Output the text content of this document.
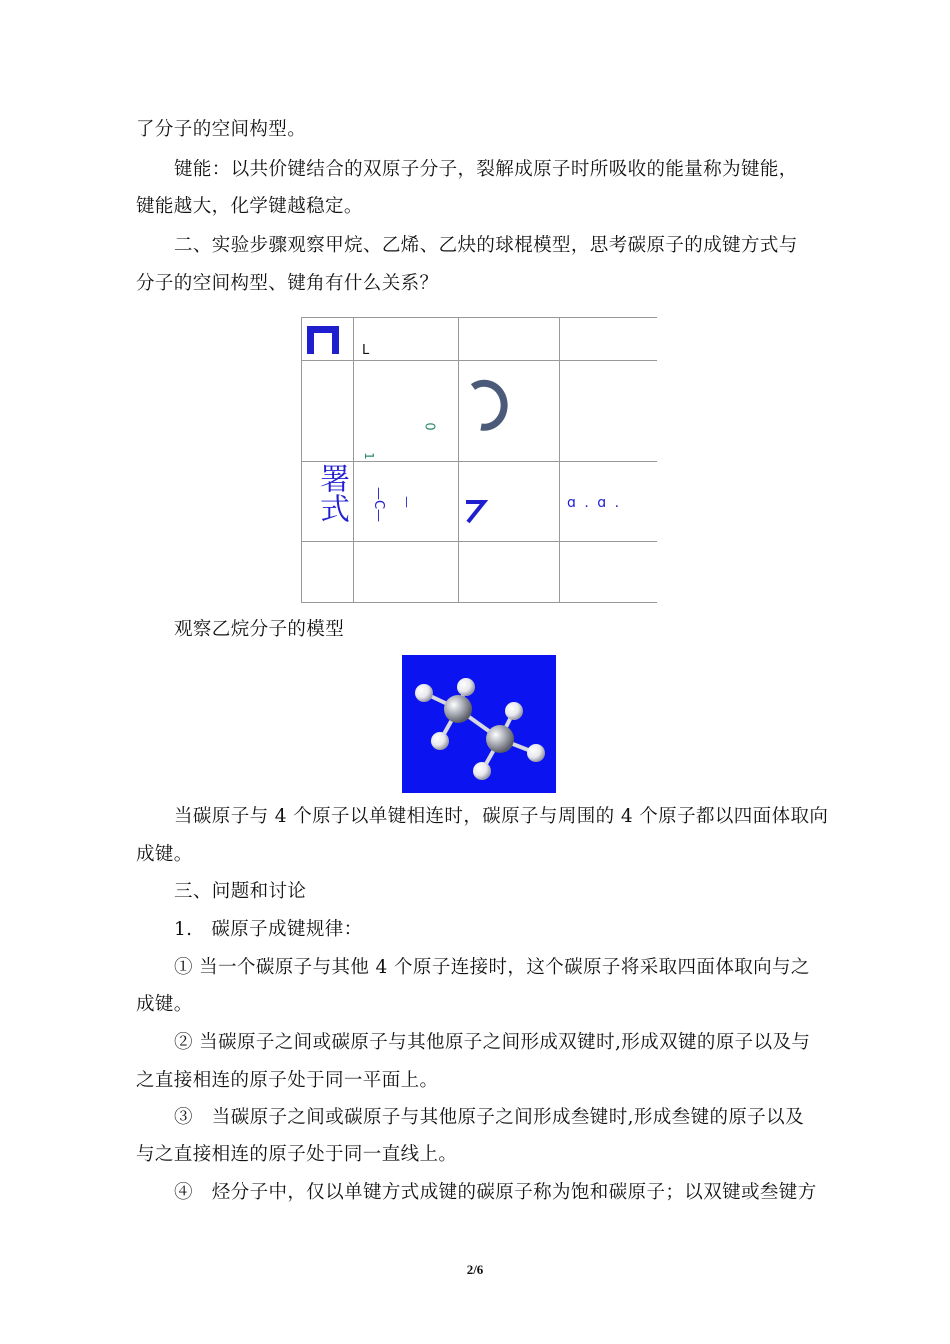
了分子的空间构型。
键能：以共价键结合的双原子分子，裂解成原子时所吸收的能量称为键能，
键能越大，化学键越稳定。
二、实验步骤观察甲烷、乙烯、乙炔的球棍模型，思考碳原子的成键方式与
分子的空间构型、键角有什么关系？
L
0
1
署式 —C— —	ɑ . ɑ .
观察乙烷分子的模型
当碳原子与 4 个原子以单键相连时，碳原子与周围的 4 个原子都以四面体取向
成键。
三、问题和讨论
1.　碳原子成键规律：
① 当一个碳原子与其他 4 个原子连接时，这个碳原子将采取四面体取向与之
成键。
② 当碳原子之间或碳原子与其他原子之间形成双键时,形成双键的原子以及与
之直接相连的原子处于同一平面上。
③　当碳原子之间或碳原子与其他原子之间形成叁键时,形成叁键的原子以及
与之直接相连的原子处于同一直线上。
④　烃分子中，仅以单键方式成键的碳原子称为饱和碳原子；以双键或叁键方
2/6
